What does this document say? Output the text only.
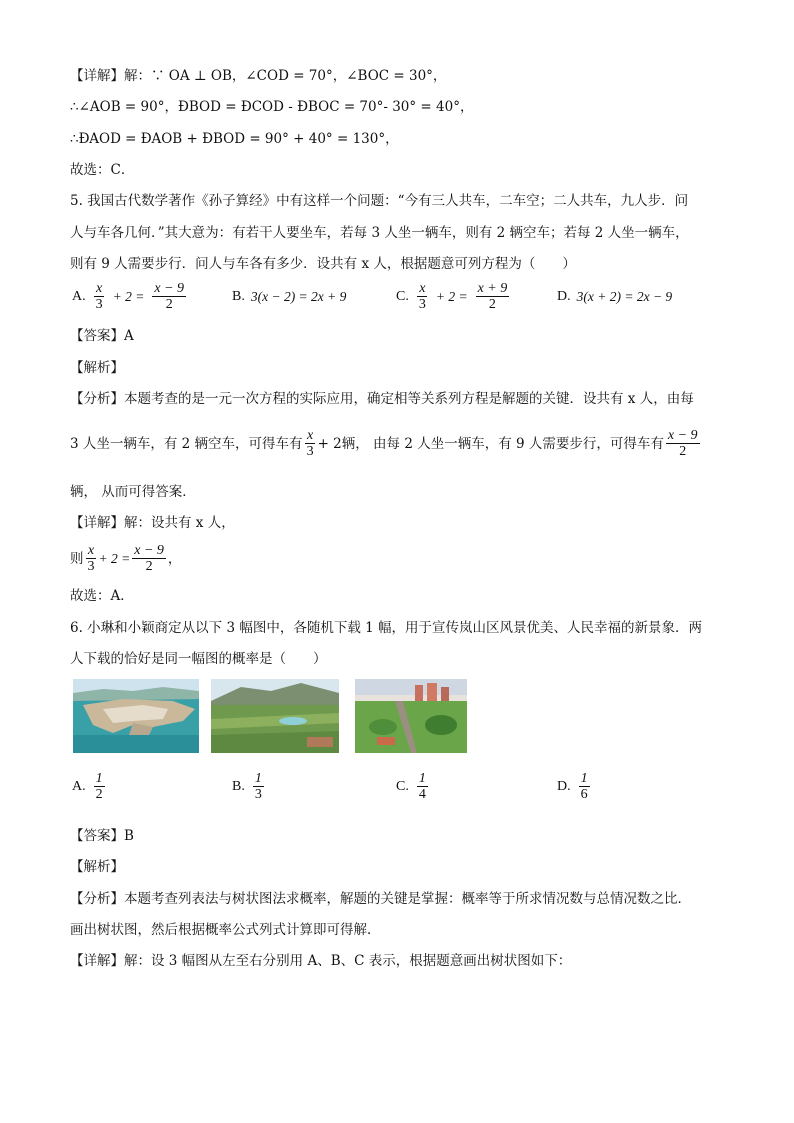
【详解】解：∵ OA ⊥ OB，∠COD = 70°，∠BOC = 30°，
∴∠AOB = 90°，ÐBOD = ÐCOD - ÐBOC = 70°- 30° = 40°，
∴ÐAOD = ÐAOB + ÐBOD = 90° + 40° = 130°，
故选：C．
5. 我国古代数学著作《孙子算经》中有这样一个问题：“今有三人共车，二车空；二人共车，九人步．问
人与车各几何．”其大意为：有若干人要坐车，若每 3 人坐一辆车，则有 2 辆空车；若每 2 人坐一辆车，
则有 9 人需要步行．问人与车各有多少．设共有 x 人，根据题意可列方程为（　　）
A. $\frac{x}{3} + 2 = \frac{x - 9}{2}$	B. 3(x − 2) = 2x + 9	C. $\frac{x}{3} + 2 = \frac{x + 9}{2}$	D. 3(x + 2) = 2x − 9
【答案】A
【解析】
【分析】本题考查的是一元一次方程的实际应用，确定相等关系列方程是解题的关键．设共有 x 人，由每
3 人坐一辆车，有 2 辆空车，可得车有 $\frac{x}{3} + 2$辆， 由每 2 人坐一辆车，有 9 人需要步行，可得车有 $\frac{x - 9}{2}$
辆， 从而可得答案．
【详解】解：设共有 x 人，
则 $\frac{x}{3} + 2 = \frac{x - 9}{2}$ ，
故选：A．
6. 小琳和小颖商定从以下 3 幅图中，各随机下载 1 幅，用于宣传岚山区风景优美、人民幸福的新景象．两
人下载的恰好是同一幅图的概率是（　　）
A. $\frac{1}{2}$	B. $\frac{1}{3}$	C. $\frac{1}{4}$	D. $\frac{1}{6}$
【答案】B
【解析】
【分析】本题考查列表法与树状图法求概率，解题的关键是掌握：概率等于所求情况数与总情况数之比．
画出树状图，然后根据概率公式列式计算即可得解．
【详解】解：设 3 幅图从左至右分别用 A、B、C 表示，根据题意画出树状图如下：
